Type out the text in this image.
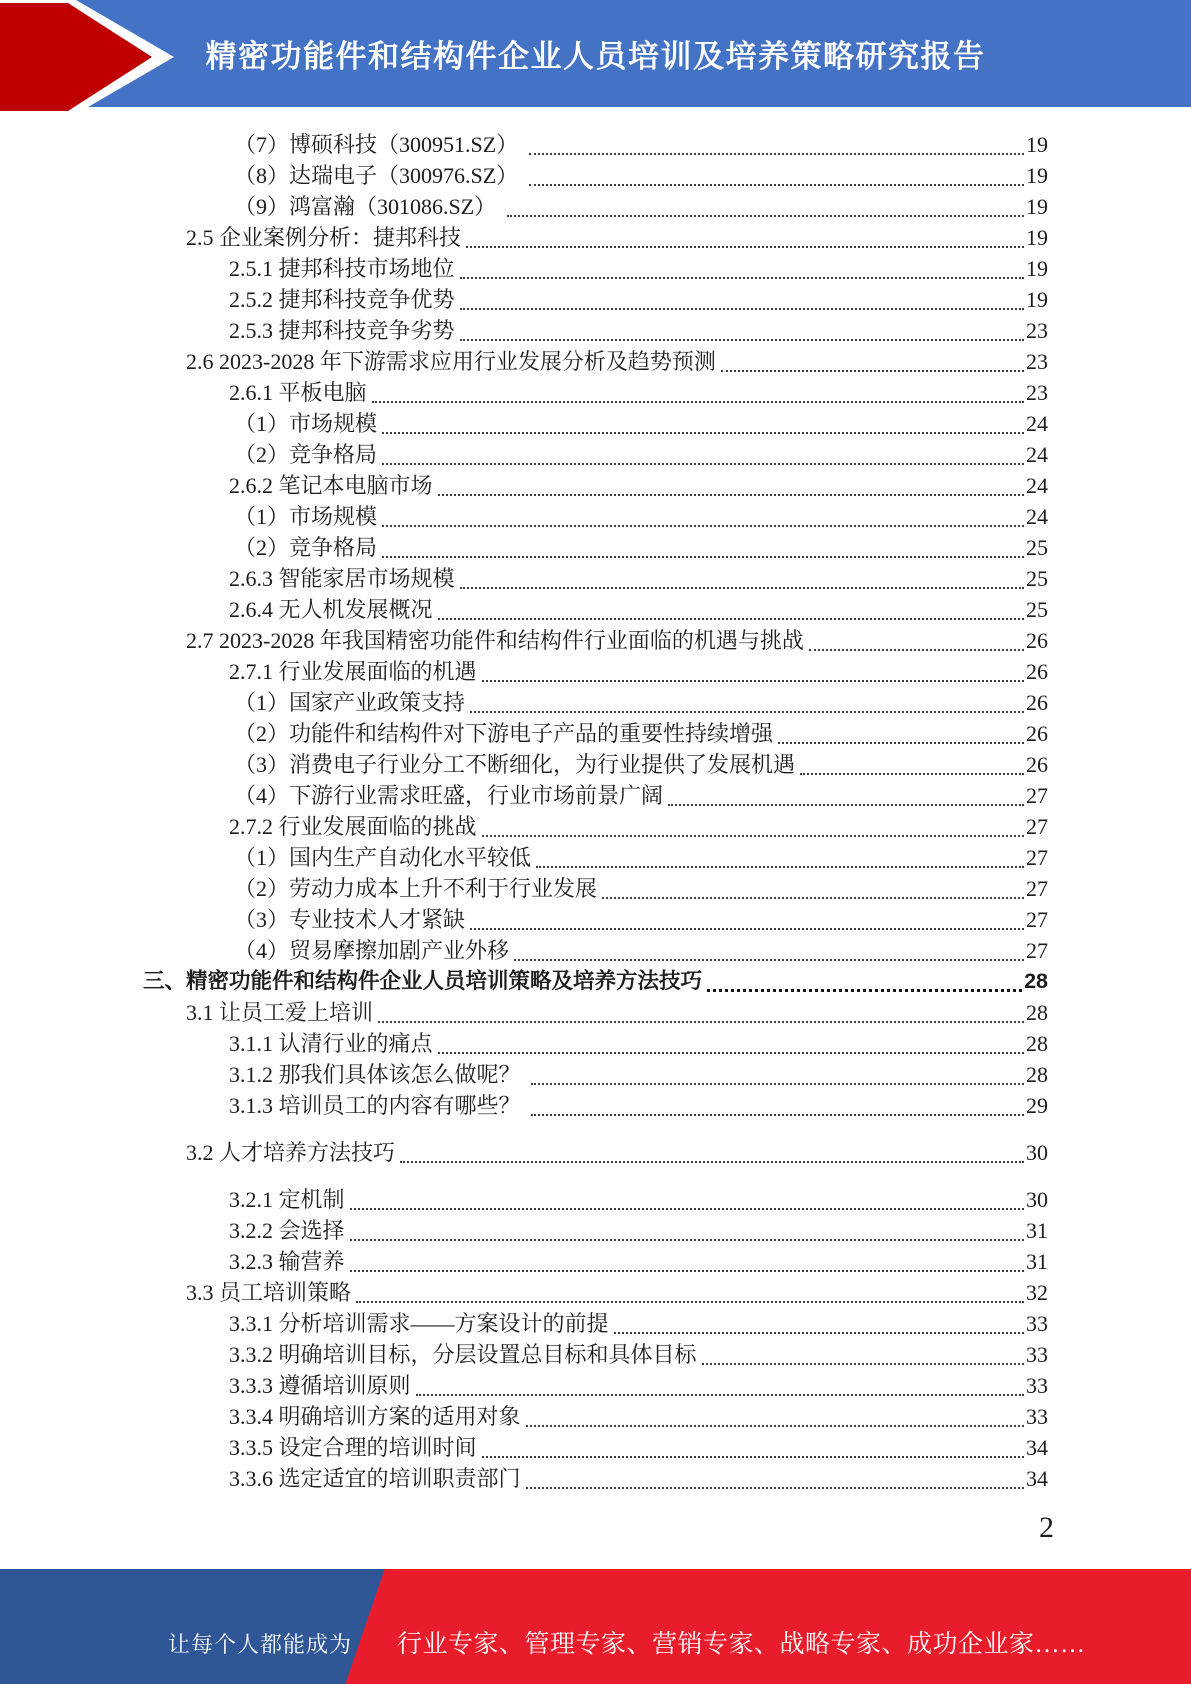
精密功能件和结构件企业人员培训及培养策略研究报告
（7）博硕科技（300951.SZ）	19
（8）达瑞电子（300976.SZ）	19
（9）鸿富瀚（301086.SZ）	19
2.5 企业案例分析：捷邦科技	19
2.5.1 捷邦科技市场地位	19
2.5.2 捷邦科技竞争优势	19
2.5.3 捷邦科技竞争劣势	23
2.6 2023-2028 年下游需求应用行业发展分析及趋势预测	23
2.6.1 平板电脑	23
（1）市场规模	24
（2）竞争格局	24
2.6.2 笔记本电脑市场	24
（1）市场规模	24
（2）竞争格局	25
2.6.3 智能家居市场规模	25
2.6.4 无人机发展概况	25
2.7 2023-2028 年我国精密功能件和结构件行业面临的机遇与挑战	26
2.7.1 行业发展面临的机遇	26
（1）国家产业政策支持	26
（2）功能件和结构件对下游电子产品的重要性持续增强	26
（3）消费电子行业分工不断细化，为行业提供了发展机遇	26
（4）下游行业需求旺盛，行业市场前景广阔	27
2.7.2 行业发展面临的挑战	27
（1）国内生产自动化水平较低	27
（2）劳动力成本上升不利于行业发展	27
（3）专业技术人才紧缺	27
（4）贸易摩擦加剧产业外移	27
三、精密功能件和结构件企业人员培训策略及培养方法技巧	28
3.1 让员工爱上培训	28
3.1.1 认清行业的痛点	28
3.1.2 那我们具体该怎么做呢？	28
3.1.3 培训员工的内容有哪些？	29
3.2 人才培养方法技巧	30
3.2.1 定机制	30
3.2.2 会选择	31
3.2.3 输营养	31
3.3 员工培训策略	32
3.3.1 分析培训需求——方案设计的前提	33
3.3.2 明确培训目标，分层设置总目标和具体目标	33
3.3.3 遵循培训原则	33
3.3.4 明确培训方案的适用对象	33
3.3.5 设定合理的培训时间	34
3.3.6 选定适宜的培训职责部门	34
2
让每个人都能成为 行业专家、管理专家、营销专家、战略专家、成功企业家……
